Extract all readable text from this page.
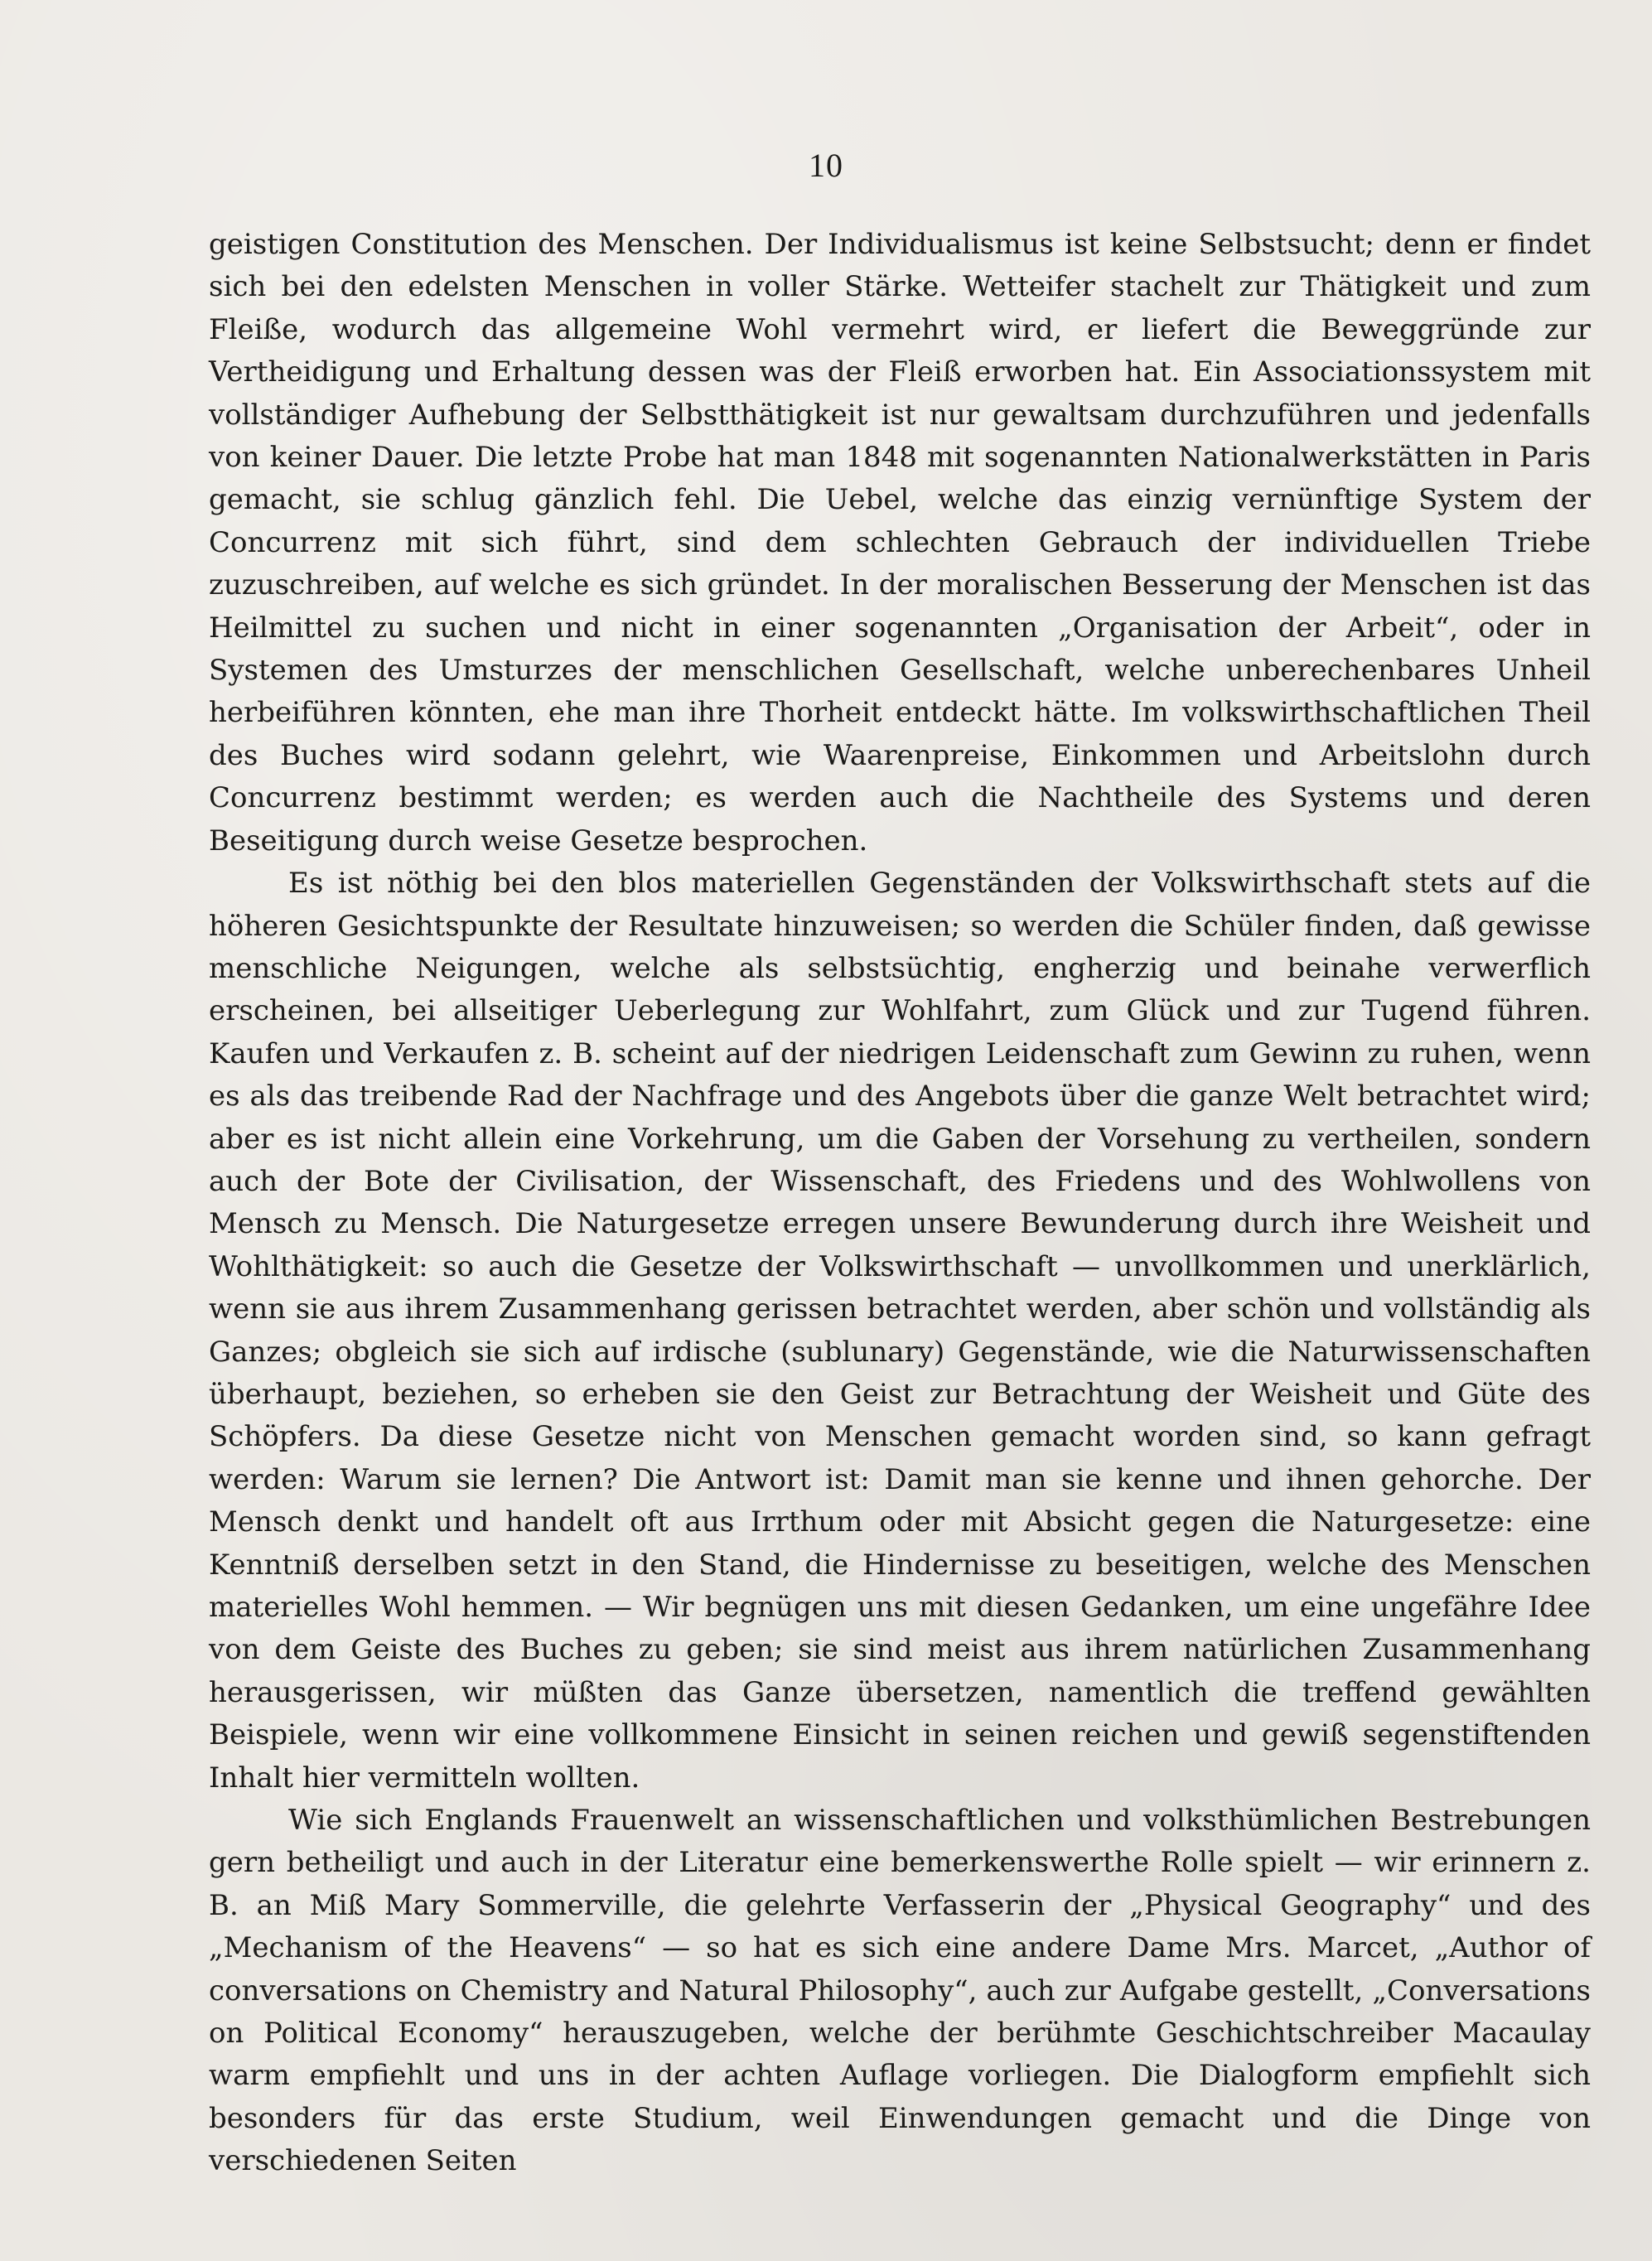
10

geistigen Constitution des Menschen. Der Individualismus ist keine Selbstsucht; denn er findet sich bei den edelsten Menschen in voller Stärke. Wetteifer stachelt zur Thätigkeit und zum Fleiße, wodurch das allgemeine Wohl vermehrt wird, er liefert die Beweggründe zur Vertheidigung und Erhaltung dessen was der Fleiß erworben hat. Ein Associationssystem mit vollständiger Aufhebung der Selbstthätigkeit ist nur gewaltsam durchzuführen und jedenfalls von keiner Dauer. Die letzte Probe hat man 1848 mit sogenannten Nationalwerkstätten in Paris gemacht, sie schlug gänzlich fehl. Die Uebel, welche das einzig vernünftige System der Concurrenz mit sich führt, sind dem schlechten Gebrauch der individuellen Triebe zuzuschreiben, auf welche es sich gründet. In der moralischen Besserung der Menschen ist das Heilmittel zu suchen und nicht in einer sogenannten „Organisation der Arbeit“, oder in Systemen des Umsturzes der menschlichen Gesellschaft, welche unberechenbares Unheil herbeiführen könnten, ehe man ihre Thorheit entdeckt hätte. Im volkswirthschaftlichen Theil des Buches wird sodann gelehrt, wie Waarenpreise, Einkommen und Arbeitslohn durch Concurrenz bestimmt werden; es werden auch die Nachtheile des Systems und deren Beseitigung durch weise Gesetze besprochen.

Es ist nöthig bei den blos materiellen Gegenständen der Volkswirthschaft stets auf die höheren Gesichtspunkte der Resultate hinzuweisen; so werden die Schüler finden, daß gewisse menschliche Neigungen, welche als selbstsüchtig, engherzig und beinahe verwerflich erscheinen, bei allseitiger Ueberlegung zur Wohlfahrt, zum Glück und zur Tugend führen. Kaufen und Verkaufen z. B. scheint auf der niedrigen Leidenschaft zum Gewinn zu ruhen, wenn es als das treibende Rad der Nachfrage und des Angebots über die ganze Welt betrachtet wird; aber es ist nicht allein eine Vorkehrung, um die Gaben der Vorsehung zu vertheilen, sondern auch der Bote der Civilisation, der Wissenschaft, des Friedens und des Wohlwollens von Mensch zu Mensch. Die Naturgesetze erregen unsere Bewunderung durch ihre Weisheit und Wohlthätigkeit: so auch die Gesetze der Volkswirthschaft — unvollkommen und unerklärlich, wenn sie aus ihrem Zusammenhang gerissen betrachtet werden, aber schön und vollständig als Ganzes; obgleich sie sich auf irdische (sublunary) Gegenstände, wie die Naturwissenschaften überhaupt, beziehen, so erheben sie den Geist zur Betrachtung der Weisheit und Güte des Schöpfers. Da diese Gesetze nicht von Menschen gemacht worden sind, so kann gefragt werden: Warum sie lernen? Die Antwort ist: Damit man sie kenne und ihnen gehorche. Der Mensch denkt und handelt oft aus Irrthum oder mit Absicht gegen die Naturgesetze: eine Kenntniß derselben setzt in den Stand, die Hindernisse zu beseitigen, welche des Menschen materielles Wohl hemmen. — Wir begnügen uns mit diesen Gedanken, um eine ungefähre Idee von dem Geiste des Buches zu geben; sie sind meist aus ihrem natürlichen Zusammenhang herausgerissen, wir müßten das Ganze übersetzen, namentlich die treffend gewählten Beispiele, wenn wir eine vollkommene Einsicht in seinen reichen und gewiß segenstiftenden Inhalt hier vermitteln wollten.

Wie sich Englands Frauenwelt an wissenschaftlichen und volksthümlichen Bestrebungen gern betheiligt und auch in der Literatur eine bemerkenswerthe Rolle spielt — wir erinnern z. B. an Miß Mary Sommerville, die gelehrte Verfasserin der „Physical Geography“ und des „Mechanism of the Heavens“ — so hat es sich eine andere Dame Mrs. Marcet, „Author of conversations on Chemistry and Natural Philosophy“, auch zur Aufgabe gestellt, „Conversations on Political Economy“ herauszugeben, welche der berühmte Geschichtschreiber Macaulay warm empfiehlt und uns in der achten Auflage vorliegen. Die Dialogform empfiehlt sich besonders für das erste Studium, weil Einwendungen gemacht und die Dinge von verschiedenen Seiten
